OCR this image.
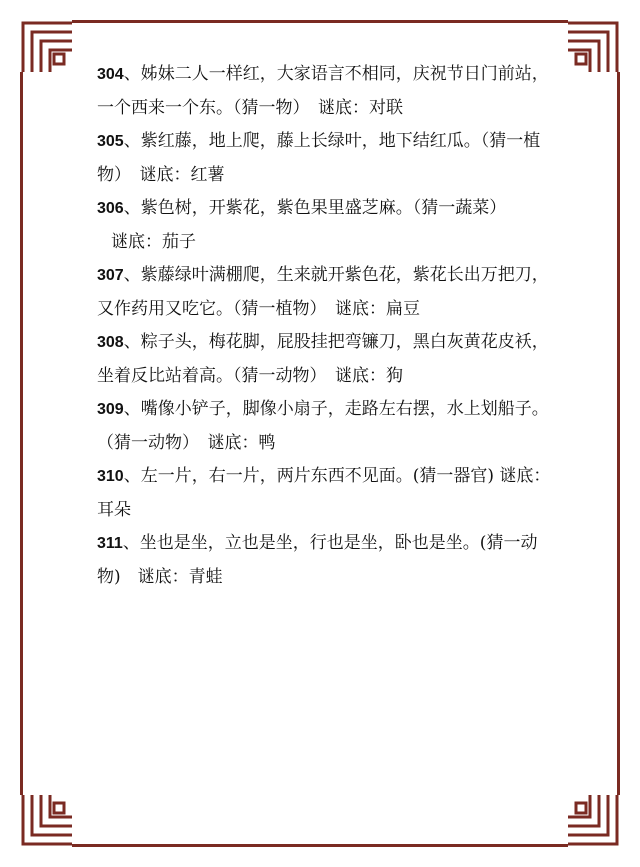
304、姊妹二人一样红，大家语言不相同，庆祝节日门前站，
一个西来一个东。（猜一物）　谜底：对联

305、紫红藤，地上爬，藤上长绿叶，地下结红瓜。（猜一植
物）　谜底：红薯

306、紫色树，开紫花，紫色果里盛芝麻。（猜一蔬菜）
谜底：茄子

307、紫藤绿叶满棚爬，生来就开紫色花，紫花长出万把刀，
又作药用又吃它。（猜一植物）　谜底：扁豆

308、粽子头，梅花脚，屁股挂把弯镰刀，黑白灰黄花皮袄，
坐着反比站着高。（猜一动物）　谜底：狗

309、嘴像小铲子，脚像小扇子，走路左右摆，水上划船子。
（猜一动物）　谜底：鸭

310、左一片，右一片，两片东西不见面。(猜一器官) 谜底：
耳朵

311、坐也是坐，立也是坐，行也是坐，卧也是坐。(猜一动
物)　谜底：青蛙
